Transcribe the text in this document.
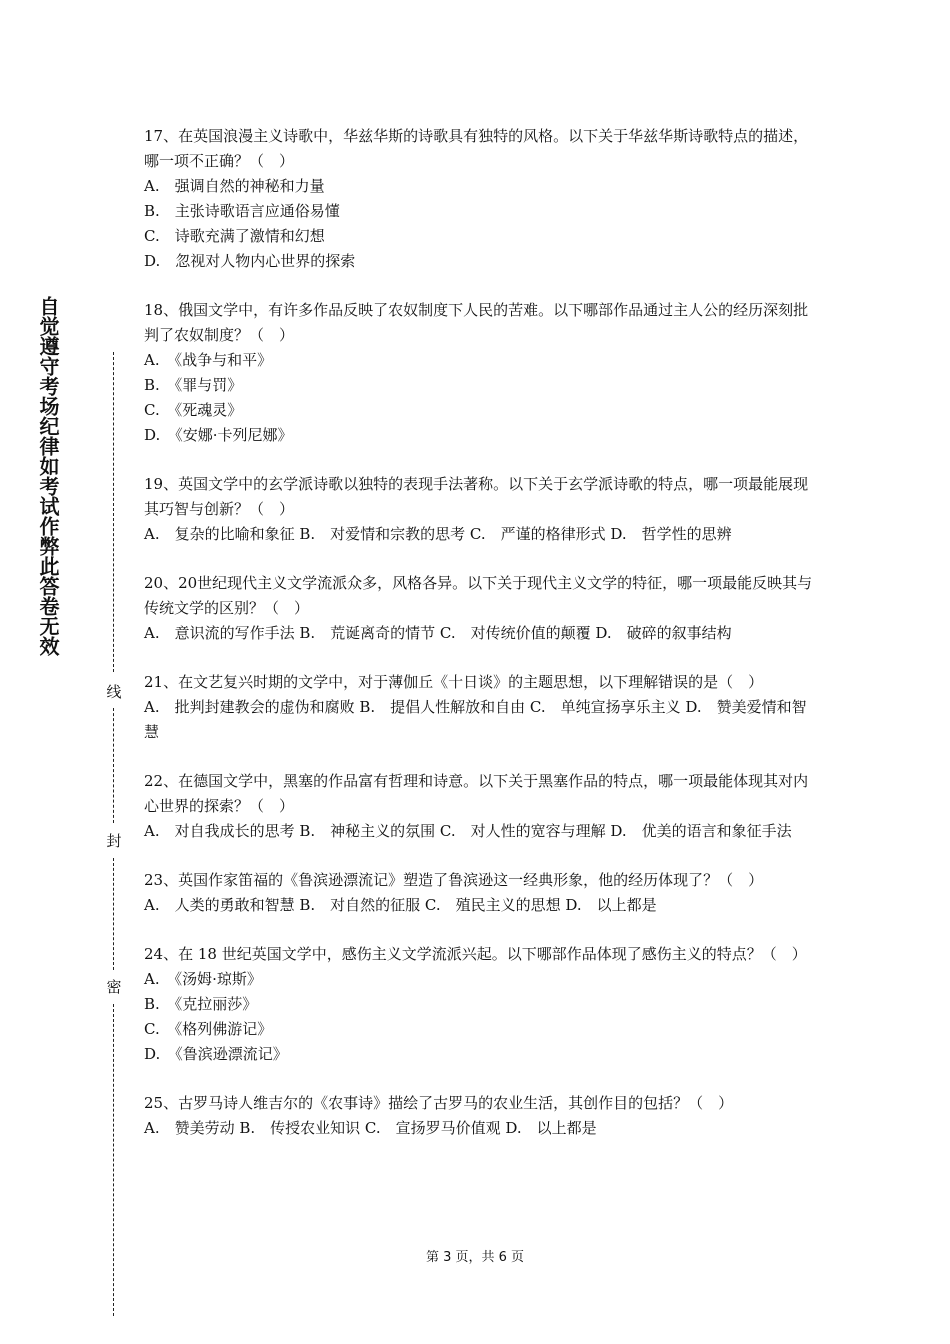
自觉遵守考场纪律如考试作弊此答卷无效
线
封
密

17、在英国浪漫主义诗歌中，华兹华斯的诗歌具有独特的风格。以下关于华兹华斯诗歌特点的描述，哪一项不正确？（　）

A.　强调自然的神秘和力量

B.　主张诗歌语言应通俗易懂

C.　诗歌充满了激情和幻想

D.　忽视对人物内心世界的探索

18、俄国文学中，有许多作品反映了农奴制度下人民的苦难。以下哪部作品通过主人公的经历深刻批判了农奴制度？（　）

A.　《战争与和平》

B.　《罪与罚》

C.　《死魂灵》

D.　《安娜·卡列尼娜》

19、英国文学中的玄学派诗歌以独特的表现手法著称。以下关于玄学派诗歌的特点，哪一项最能展现其巧智与创新？（　）

A.　复杂的比喻和象征 B.　对爱情和宗教的思考 C.　严谨的格律形式 D.　哲学性的思辨

20、20世纪现代主义文学流派众多，风格各异。以下关于现代主义文学的特征，哪一项最能反映其与传统文学的区别？（　）

A.　意识流的写作手法 B.　荒诞离奇的情节 C.　对传统价值的颠覆 D.　破碎的叙事结构

21、在文艺复兴时期的文学中，对于薄伽丘《十日谈》的主题思想，以下理解错误的是（　）

A.　批判封建教会的虚伪和腐败 B.　提倡人性解放和自由 C.　单纯宣扬享乐主义 D.　赞美爱情和智慧

22、在德国文学中，黑塞的作品富有哲理和诗意。以下关于黑塞作品的特点，哪一项最能体现其对内心世界的探索？（　）

A.　对自我成长的思考 B.　神秘主义的氛围 C.　对人性的宽容与理解 D.　优美的语言和象征手法

23、英国作家笛福的《鲁滨逊漂流记》塑造了鲁滨逊这一经典形象，他的经历体现了？（　）

A.　人类的勇敢和智慧 B.　对自然的征服 C.　殖民主义的思想 D.　以上都是

24、在 18 世纪英国文学中，感伤主义文学流派兴起。以下哪部作品体现了感伤主义的特点？（　）

A.　《汤姆·琼斯》

B.　《克拉丽莎》

C.　《格列佛游记》

D.　《鲁滨逊漂流记》

25、古罗马诗人维吉尔的《农事诗》描绘了古罗马的农业生活，其创作目的包括？（　）

A.　赞美劳动 B.　传授农业知识 C.　宣扬罗马价值观 D.　以上都是

第 3 页，共 6 页
